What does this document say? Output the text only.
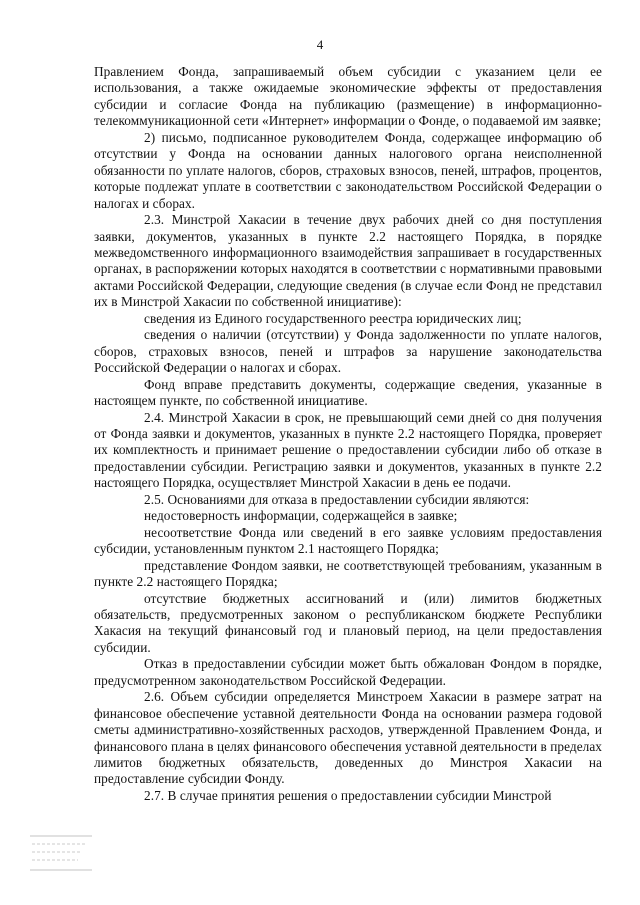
4

Правлением Фонда, запрашиваемый объем субсидии с указанием цели ее использования, а также ожидаемые экономические эффекты от предоставления субсидии и согласие Фонда на публикацию (размещение) в информационно-телекоммуникационной сети «Интернет» информации о Фонде, о подаваемой им заявке;

2) письмо, подписанное руководителем Фонда, содержащее информацию об отсутствии у Фонда на основании данных налогового органа неисполненной обязанности по уплате налогов, сборов, страховых взносов, пеней, штрафов, процентов, которые подлежат уплате в соответствии с законодательством Российской Федерации о налогах и сборах.

2.3. Минстрой Хакасии в течение двух рабочих дней со дня поступления заявки, документов, указанных в пункте 2.2 настоящего Порядка, в порядке межведомственного информационного взаимодействия запрашивает в государственных органах, в распоряжении которых находятся в соответствии с нормативными правовыми актами Российской Федерации, следующие сведения (в случае если Фонд не представил их в Минстрой Хакасии по собственной инициативе):

сведения из Единого государственного реестра юридических лиц;

сведения о наличии (отсутствии) у Фонда задолженности по уплате налогов, сборов, страховых взносов, пеней и штрафов за нарушение законодательства Российской Федерации о налогах и сборах.

Фонд вправе представить документы, содержащие сведения, указанные в настоящем пункте, по собственной инициативе.

2.4. Минстрой Хакасии в срок, не превышающий семи дней со дня получения от Фонда заявки и документов, указанных в пункте 2.2 настоящего Порядка, проверяет их комплектность и принимает решение о предоставлении субсидии либо об отказе в предоставлении субсидии. Регистрацию заявки и документов, указанных в пункте 2.2 настоящего Порядка, осуществляет Минстрой Хакасии в день ее подачи.

2.5. Основаниями для отказа в предоставлении субсидии являются:

недостоверность информации, содержащейся в заявке;

несоответствие Фонда или сведений в его заявке условиям предоставления субсидии, установленным пунктом 2.1 настоящего Порядка;

представление Фондом заявки, не соответствующей требованиям, указанным в пункте 2.2 настоящего Порядка;

отсутствие бюджетных ассигнований и (или) лимитов бюджетных обязательств, предусмотренных законом о республиканском бюджете Республики Хакасия на текущий финансовый год и плановый период, на цели предоставления субсидии.

Отказ в предоставлении субсидии может быть обжалован Фондом в порядке, предусмотренном законодательством Российской Федерации.

2.6. Объем субсидии определяется Минстроем Хакасии в размере затрат на финансовое обеспечение уставной деятельности Фонда на основании размера годовой сметы административно-хозяйственных расходов, утвержденной Правлением Фонда, и финансового плана в целях финансового обеспечения уставной деятельности в пределах лимитов бюджетных обязательств, доведенных до Минстроя Хакасии на предоставление субсидии Фонду.

2.7. В случае принятия решения о предоставлении субсидии Минстрой
